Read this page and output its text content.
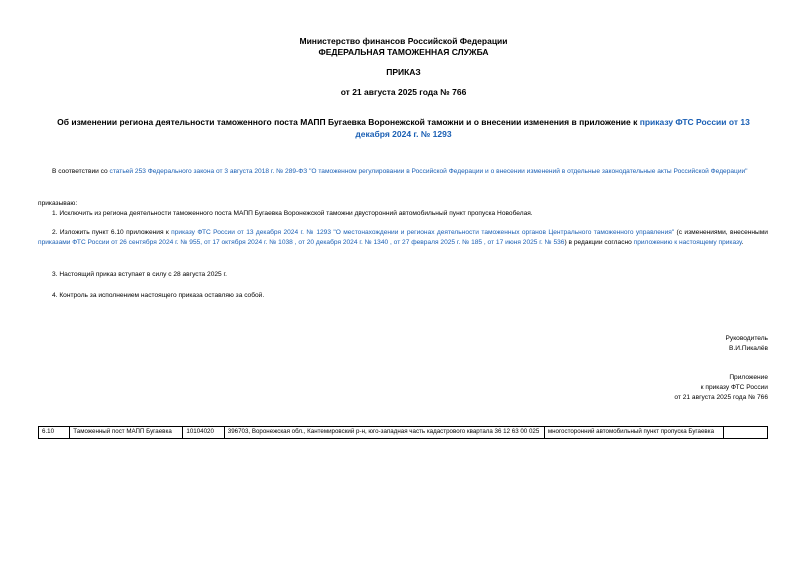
Министерство финансов Российской Федерации
ФЕДЕРАЛЬНАЯ ТАМОЖЕННАЯ СЛУЖБА
ПРИКАЗ
от 21 августа 2025 года № 766
Об изменении региона деятельности таможенного поста МАПП Бугаевка Воронежской таможни и о внесении изменения в приложение к приказу ФТС России от 13 декабря 2024 г. № 1293
В соответствии со статьей 253 Федерального закона от 3 августа 2018 г. № 289-ФЗ "О таможенном регулировании в Российской Федерации и о внесении изменений в отдельные законодательные акты Российской Федерации"
приказываю:
1. Исключить из региона деятельности таможенного поста МАПП Бугаевка Воронежской таможни двусторонний автомобильный пункт пропуска Новобелая.
2. Изложить пункт 6.10 приложения к приказу ФТС России от 13 декабря 2024 г. № 1293 "О местонахождении и регионах деятельности таможенных органов Центрального таможенного управления" (с изменениями, внесенными приказами ФТС России от 26 сентября 2024 г. № 955, от 17 октября 2024 г. № 1038 , от 20 декабря 2024 г. № 1340 , от 27 февраля 2025 г. № 185 , от 17 июня 2025 г. № 536) в редакции согласно приложению к настоящему приказу.
3. Настоящий приказ вступает в силу с 28 августа 2025 г.
4. Контроль за исполнением настоящего приказа оставляю за собой.
Руководитель
В.И.Пикалёв
Приложение
к приказу ФТС России
от 21 августа 2025 года № 766
6.10	Таможенный пост МАПП Бугаевка	10104020	396703, Воронежская обл., Кантемировский р-н, юго-западная часть кадастрового квартала 36 12 63 00 025	многосторонний автомобильный пункт пропуска Бугаевка	
